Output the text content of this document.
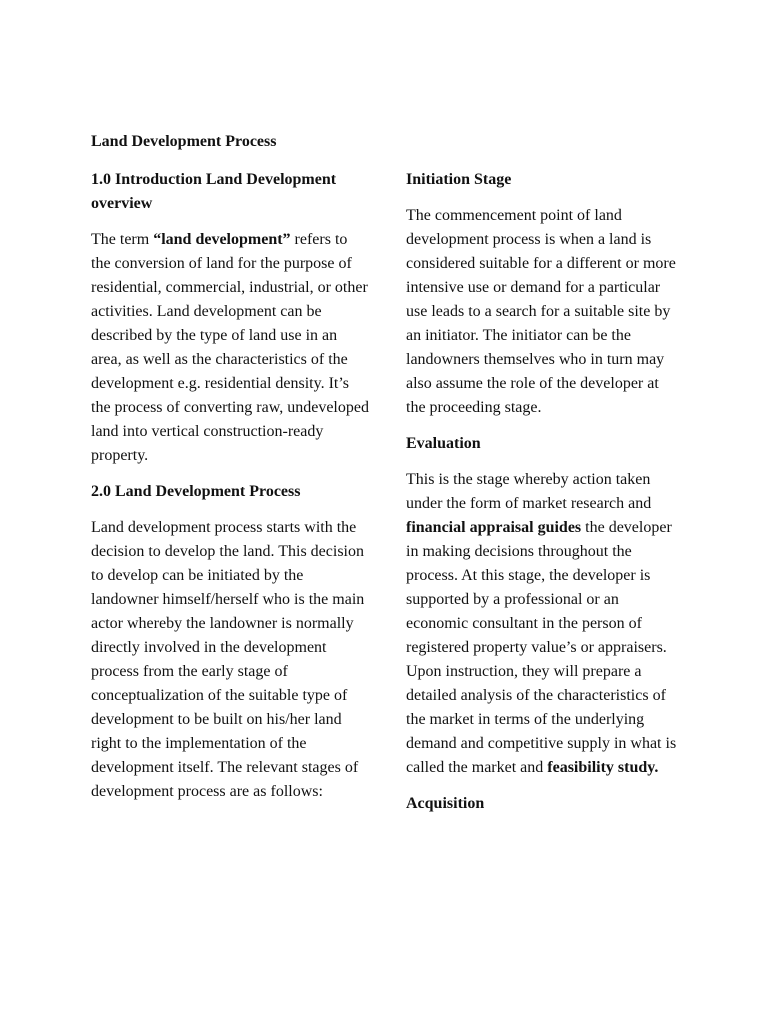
Land Development Process

1.0 Introduction Land Development overview

The term “land development” refers to the conversion of land for the purpose of residential, commercial, industrial, or other activities. Land development can be described by the type of land use in an area, as well as the characteristics of the development e.g. residential density. It’s the process of converting raw, undeveloped land into vertical construction-ready property.

2.0 Land Development Process

Land development process starts with the decision to develop the land. This decision to develop can be initiated by the landowner himself/herself who is the main actor whereby the landowner is normally directly involved in the development process from the early stage of conceptualization of the suitable type of development to be built on his/her land right to the implementation of the development itself. The relevant stages of development process are as follows:

Initiation Stage

The commencement point of land development process is when a land is considered suitable for a different or more intensive use or demand for a particular use leads to a search for a suitable site by an initiator. The initiator can be the landowners themselves who in turn may also assume the role of the developer at the proceeding stage.

Evaluation

This is the stage whereby action taken under the form of market research and financial appraisal guides the developer in making decisions throughout the process. At this stage, the developer is supported by a professional or an economic consultant in the person of registered property value’s or appraisers. Upon instruction, they will prepare a detailed analysis of the characteristics of the market in terms of the underlying demand and competitive supply in what is called the market and feasibility study.

Acquisition
